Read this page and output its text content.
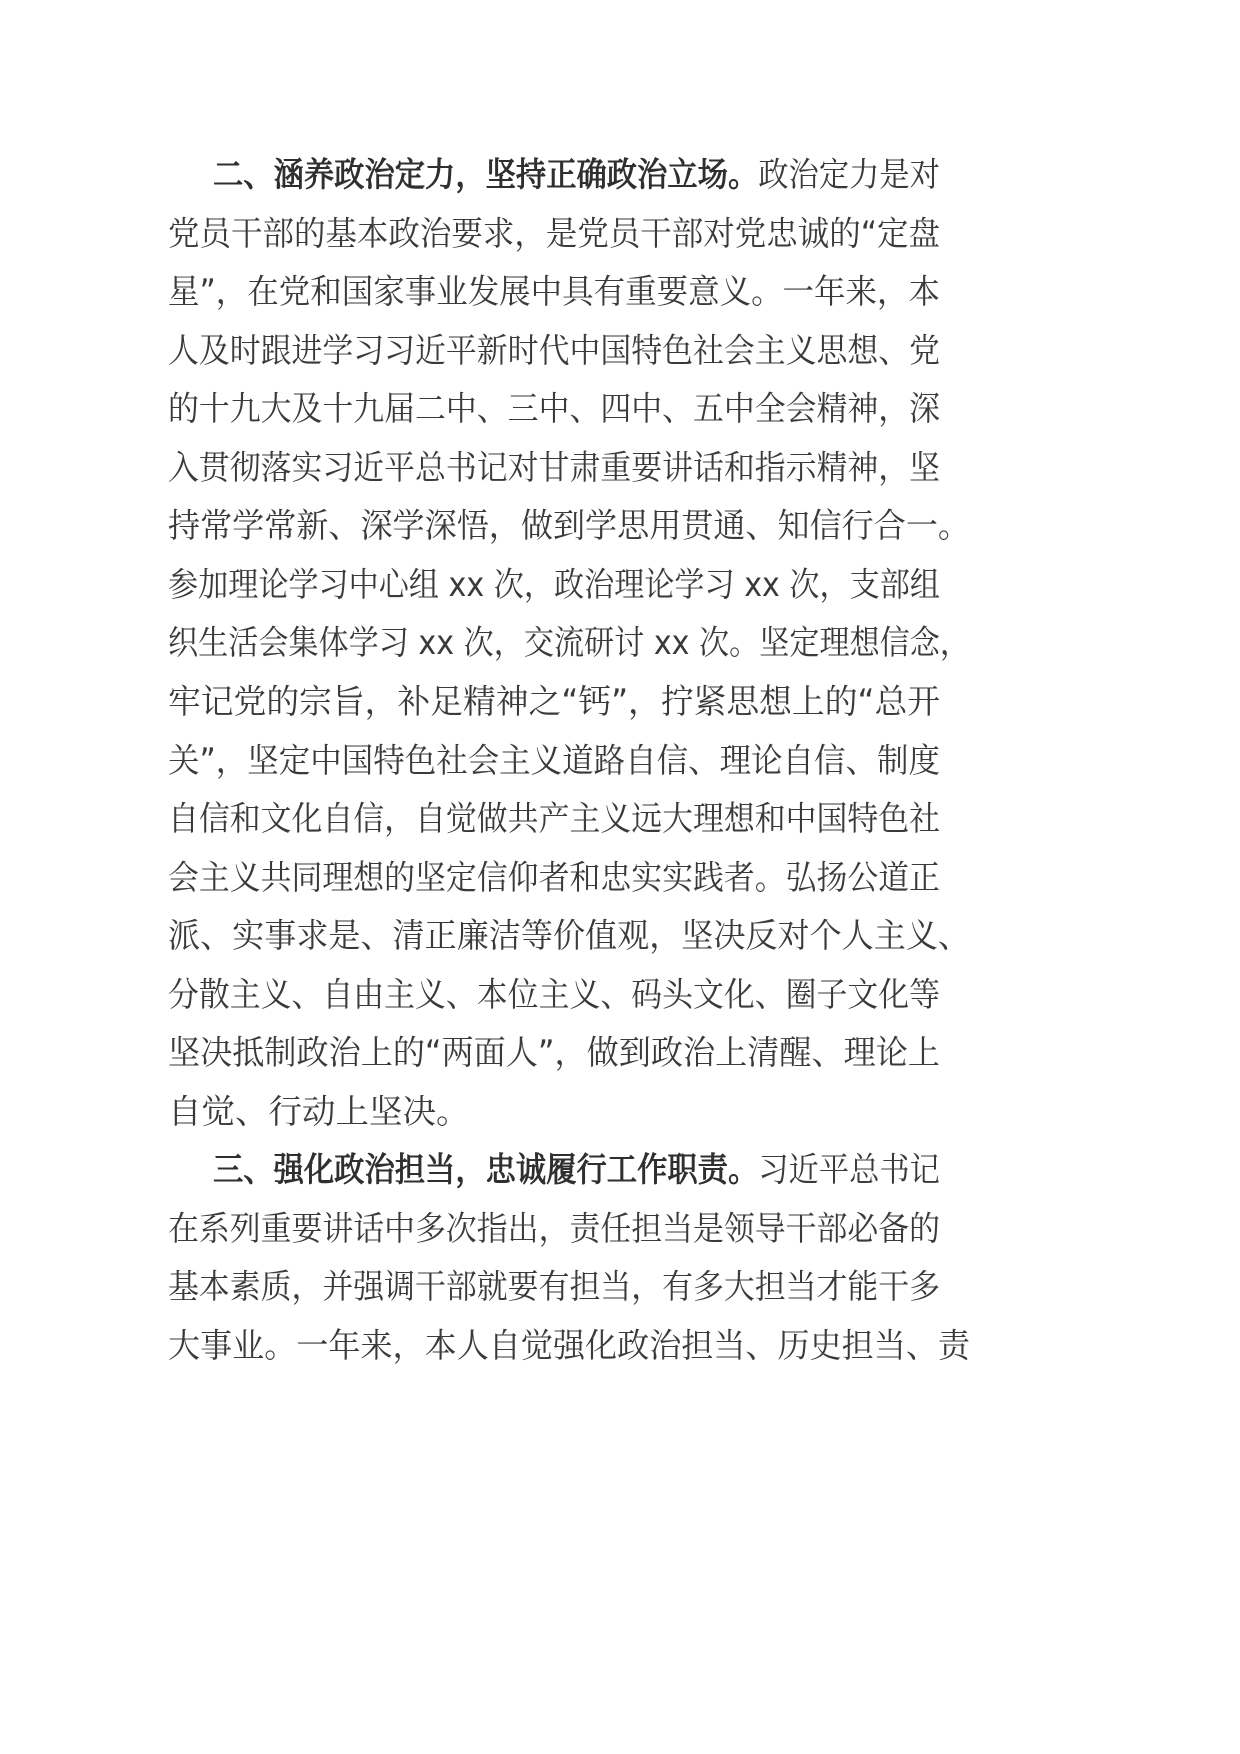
二、涵养政治定力，坚持正确政治立场。政治定力是对
党员干部的基本政治要求，是党员干部对党忠诚的“定盘
星”，在党和国家事业发展中具有重要意义。一年来，本
人及时跟进学习习近平新时代中国特色社会主义思想、党
的十九大及十九届二中、三中、四中、五中全会精神，深
入贯彻落实习近平总书记对甘肃重要讲话和指示精神，坚
持常学常新、深学深悟，做到学思用贯通、知信行合一。
参加理论学习中心组 xx 次，政治理论学习 xx 次，支部组
织生活会集体学习 xx 次，交流研讨 xx 次。坚定理想信念，
牢记党的宗旨，补足精神之“钙”，拧紧思想上的“总开
关”，坚定中国特色社会主义道路自信、理论自信、制度
自信和文化自信，自觉做共产主义远大理想和中国特色社
会主义共同理想的坚定信仰者和忠实实践者。弘扬公道正
派、实事求是、清正廉洁等价值观，坚决反对个人主义、
分散主义、自由主义、本位主义、码头文化、圈子文化等
坚决抵制政治上的“两面人”，做到政治上清醒、理论上
自觉、行动上坚决。
三、强化政治担当，忠诚履行工作职责。习近平总书记
在系列重要讲话中多次指出，责任担当是领导干部必备的
基本素质，并强调干部就要有担当，有多大担当才能干多
大事业。一年来，本人自觉强化政治担当、历史担当、责
